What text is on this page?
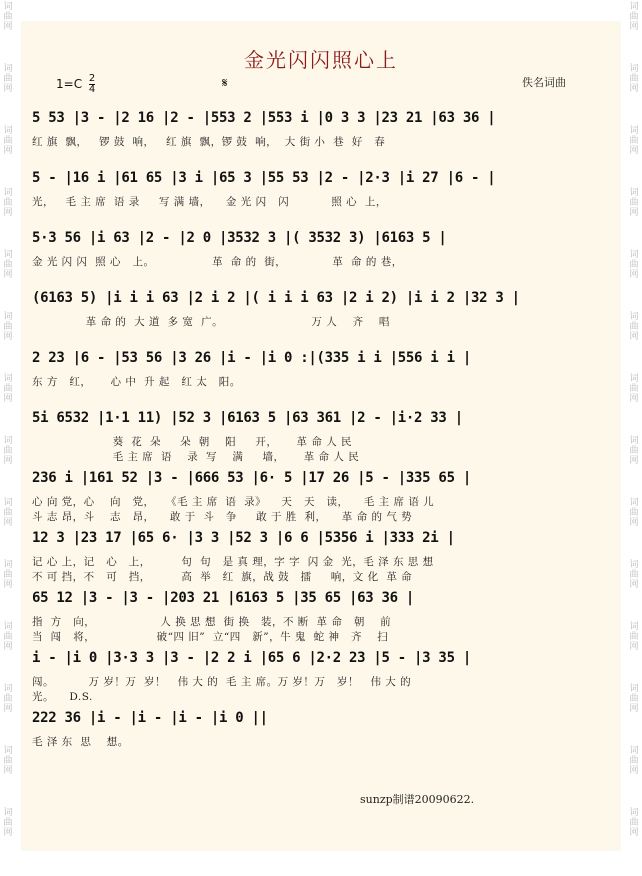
词曲网
词曲网
词曲网
词曲网
词曲网
词曲网
词曲网
词曲网
词曲网
词曲网
词曲网
词曲网
词曲网
词曲网
词曲网
词曲网
词曲网
词曲网
词曲网
词曲网
词曲网
词曲网
词曲网
词曲网
词曲网
词曲网
词曲网
词曲网
金光闪闪照心上
$1=C \frac{2}{4}$	佚名词曲
𝄋
5 53 |3 - |2 16 |2 - |553 2 |553 i |0 3 3 |23 21 |63 36 |
红 旗  飘，   锣 鼓  响，   红 旗  飘，锣 鼓  响，  大 街 小  巷  好   春
5 - |16 i |61 65 |3 i |65 3 |55 53 |2 - |2·3 |i 27 |6 - |
光，   毛 主 席  语 录     写 满 墙，    金 光 闪   闪           照 心  上，
5·3 56 |i 63 |2 - |2 0 |3532 3 |( 3532 3) |6163 5 |
金 光 闪 闪  照 心   上。               革  命 的  街，            革  命 的 巷，
(6163 5) |i i i 63 |2 i 2 |( i i i 63 |2 i 2) |i i 2 |32 3 |
革 命 的  大 道  多 宽  广。                       万 人    齐    唱
2 23 |6 - |53 56 |3 26 |i - |i 0 :|(335 i i |556 i i |
东 方   红，     心 中  升 起   红 太   阳。
5i 6532 |1·1 11) |52 3 |6163 5 |63 361 |2 - |i·2 33 |
葵  花  朵     朵  朝    阳     开，     革 命 人 民
毛 主 席  语    录  写    满     墙，     革 命 人 民
236 i |161 52 |3 - |666 53 |6· 5 |17 26 |5 - |335 65 |
心 向 党，心    向   党，   《毛 主 席  语  录》    天   天   读，    毛 主 席 语 儿
斗 志 昂，斗    志   昂，    敢 于  斗   争     敢 于 胜  利，    革 命 的 气 势
12 3 |23 17 |65 6· |3 3 |52 3 |6 6 |5356 i |333 2i |
记 心 上，记   心   上，        句  句   是 真 理，字 字  闪 金  光，毛 泽 东 思 想
不 可 挡，不   可   挡，        高  举   红  旗，战 鼓   擂     响，文 化  革 命
65 12 |3 - |3 - |203 21 |6163 5 |35 65 |63 36 |
指  方   向，                 人 换 思 想  街 换   装，不 断  革 命   朝    前
当  闯   将，                破“四 旧”  立“四   新”，牛 鬼  蛇 神   齐    扫
i - |i 0 |3·3 3 |3 - |2 2 i |65 6 |2·2 23 |5 - |3 35 |
闯。         万 岁！万  岁！   伟 大 的  毛 主 席。万 岁！万   岁！   伟 大 的
光。    D.S.
222 36 |i - |i - |i - |i 0 ||
毛 泽 东  思    想。
sunzp制谱20090622.
